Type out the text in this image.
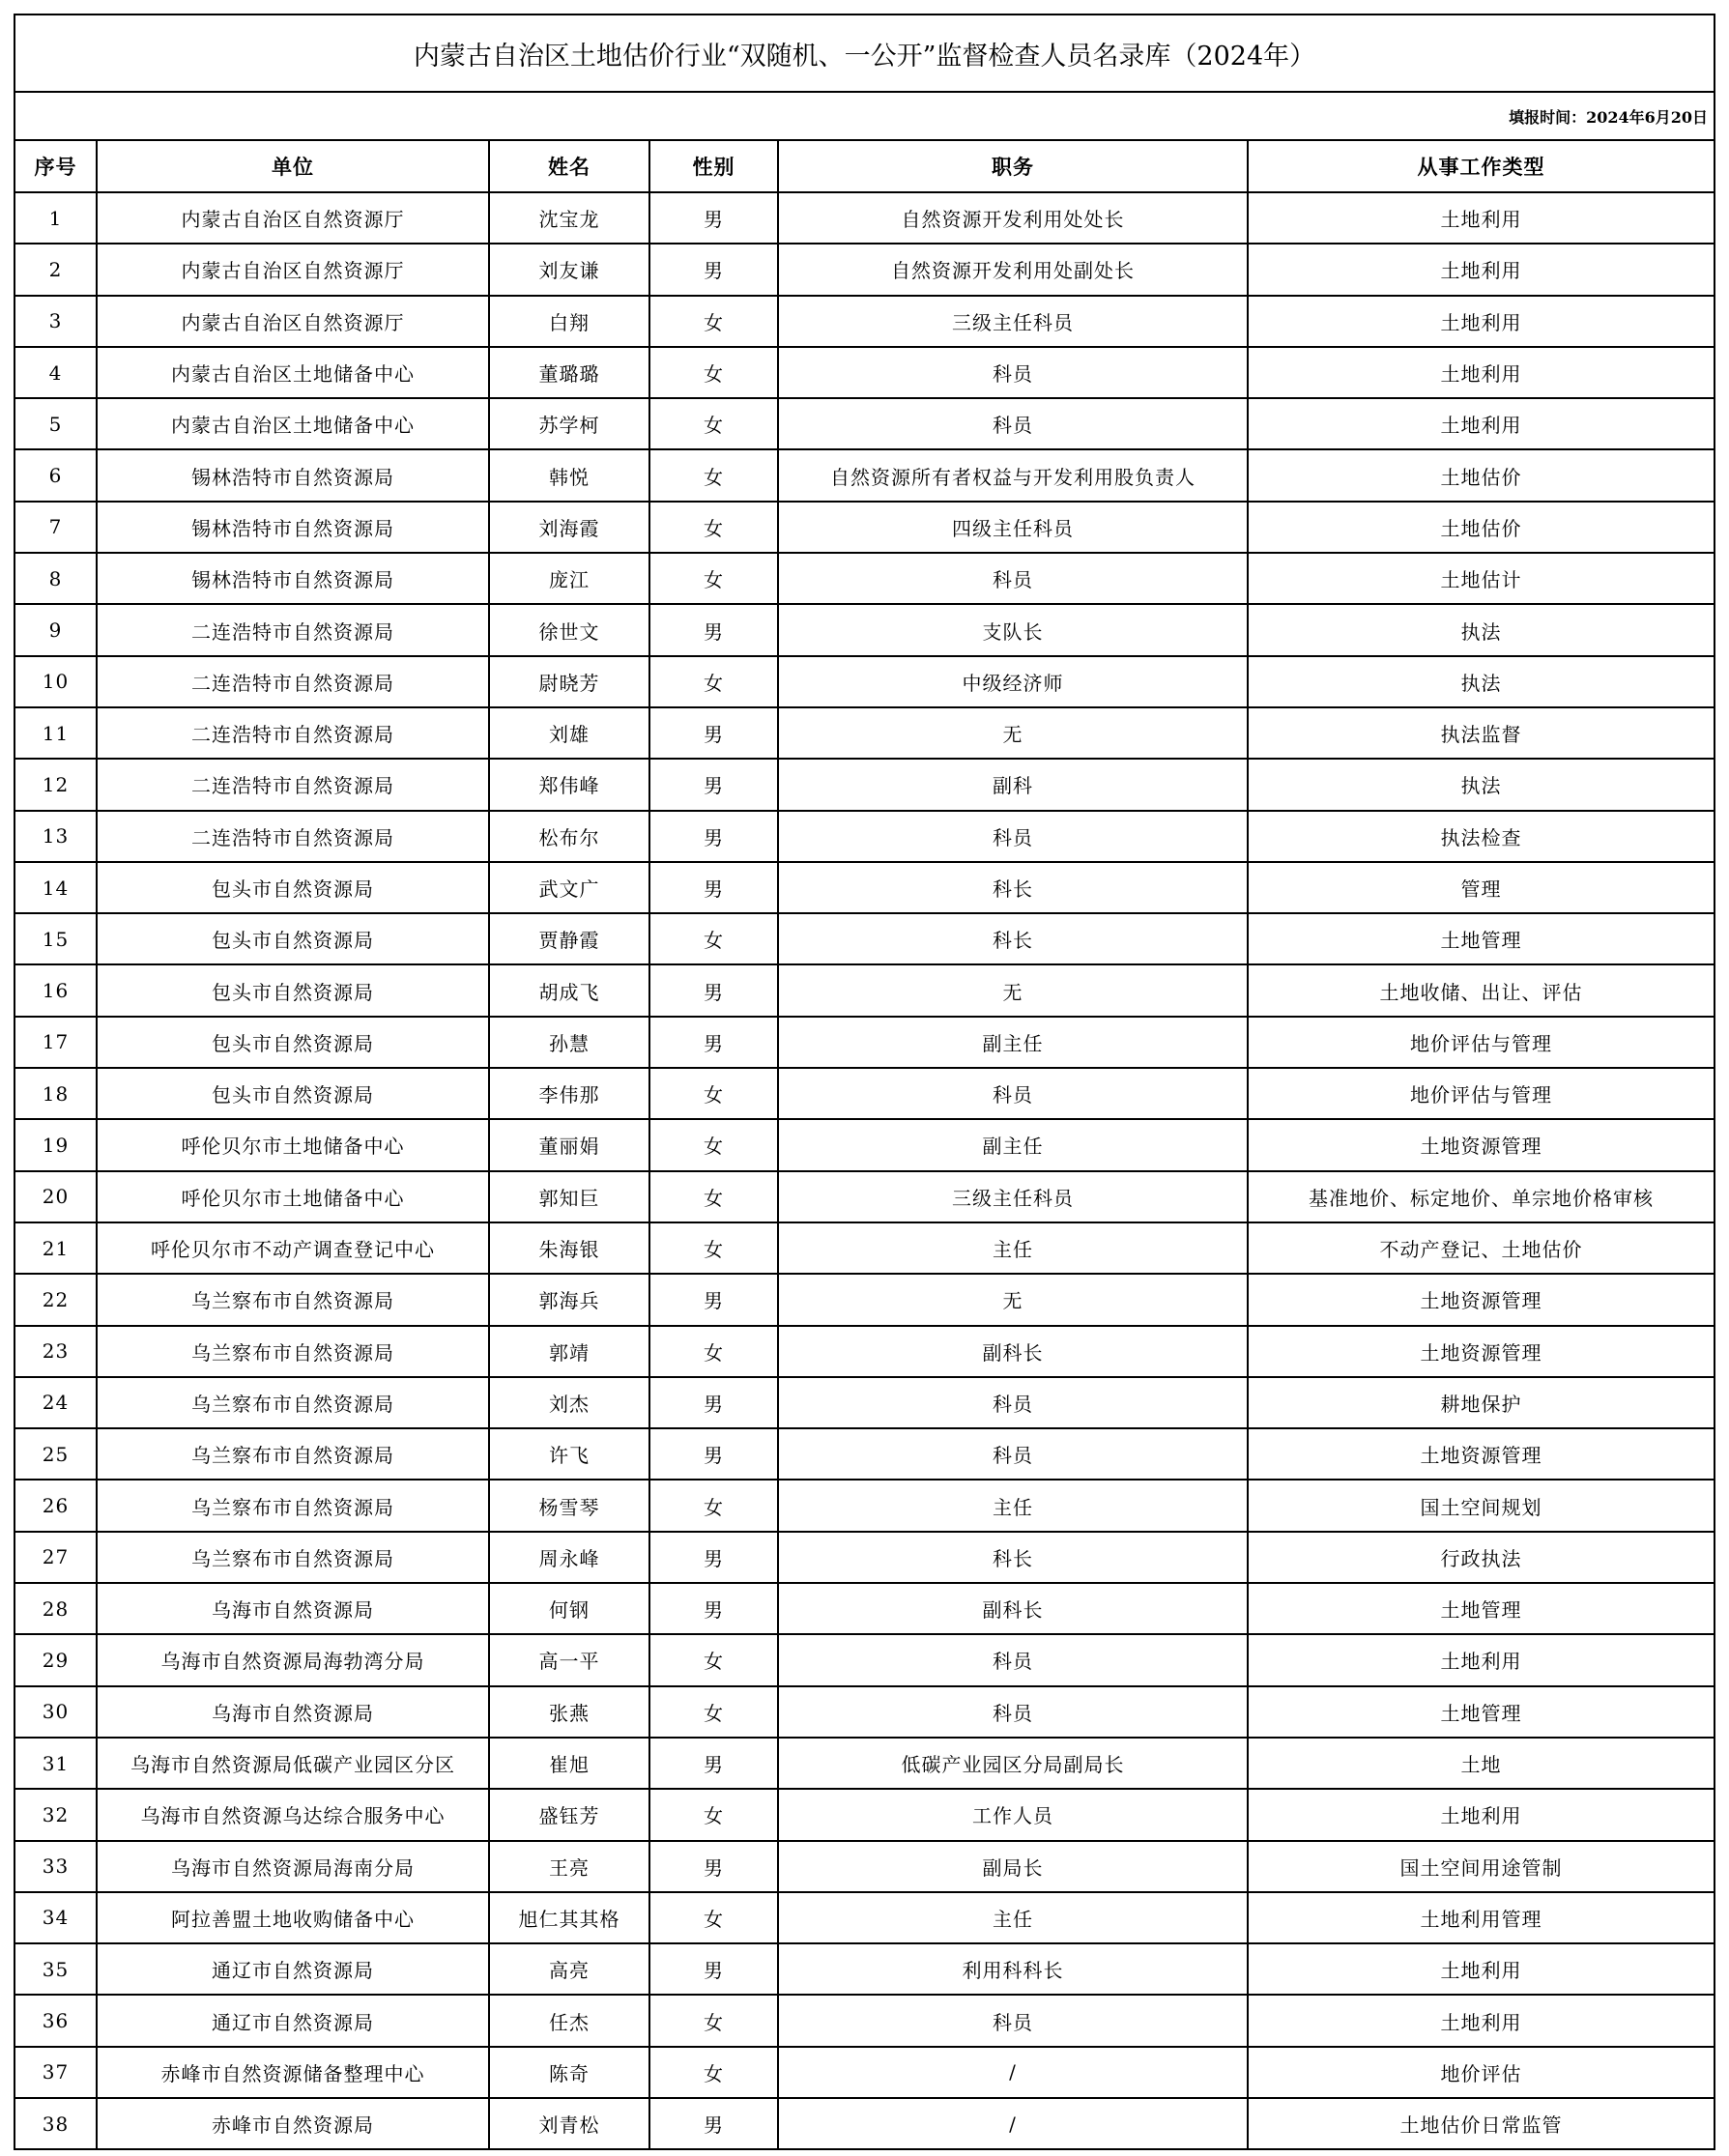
内蒙古自治区土地估价行业“双随机、一公开”监督检查人员名录库（2024年）
填报时间：2024年6月20日
序号	单位	姓名	性别	职务	从事工作类型
1	内蒙古自治区自然资源厅	沈宝龙	男	自然资源开发利用处处长	土地利用
2	内蒙古自治区自然资源厅	刘友谦	男	自然资源开发利用处副处长	土地利用
3	内蒙古自治区自然资源厅	白翔	女	三级主任科员	土地利用
4	内蒙古自治区土地储备中心	董璐璐	女	科员	土地利用
5	内蒙古自治区土地储备中心	苏学柯	女	科员	土地利用
6	锡林浩特市自然资源局	韩悦	女	自然资源所有者权益与开发利用股负责人	土地估价
7	锡林浩特市自然资源局	刘海霞	女	四级主任科员	土地估价
8	锡林浩特市自然资源局	庞江	女	科员	土地估计
9	二连浩特市自然资源局	徐世文	男	支队长	执法
10	二连浩特市自然资源局	尉晓芳	女	中级经济师	执法
11	二连浩特市自然资源局	刘雄	男	无	执法监督
12	二连浩特市自然资源局	郑伟峰	男	副科	执法
13	二连浩特市自然资源局	松布尔	男	科员	执法检查
14	包头市自然资源局	武文广	男	科长	管理
15	包头市自然资源局	贾静霞	女	科长	土地管理
16	包头市自然资源局	胡成飞	男	无	土地收储、出让、评估
17	包头市自然资源局	孙慧	男	副主任	地价评估与管理
18	包头市自然资源局	李伟那	女	科员	地价评估与管理
19	呼伦贝尔市土地储备中心	董丽娟	女	副主任	土地资源管理
20	呼伦贝尔市土地储备中心	郭知巨	女	三级主任科员	基准地价、标定地价、单宗地价格审核
21	呼伦贝尔市不动产调查登记中心	朱海银	女	主任	不动产登记、土地估价
22	乌兰察布市自然资源局	郭海兵	男	无	土地资源管理
23	乌兰察布市自然资源局	郭靖	女	副科长	土地资源管理
24	乌兰察布市自然资源局	刘杰	男	科员	耕地保护
25	乌兰察布市自然资源局	许飞	男	科员	土地资源管理
26	乌兰察布市自然资源局	杨雪琴	女	主任	国土空间规划
27	乌兰察布市自然资源局	周永峰	男	科长	行政执法
28	乌海市自然资源局	何钢	男	副科长	土地管理
29	乌海市自然资源局海勃湾分局	高一平	女	科员	土地利用
30	乌海市自然资源局	张燕	女	科员	土地管理
31	乌海市自然资源局低碳产业园区分区	崔旭	男	低碳产业园区分局副局长	土地
32	乌海市自然资源乌达综合服务中心	盛钰芳	女	工作人员	土地利用
33	乌海市自然资源局海南分局	王亮	男	副局长	国土空间用途管制
34	阿拉善盟土地收购储备中心	旭仁其其格	女	主任	土地利用管理
35	通辽市自然资源局	高亮	男	利用科科长	土地利用
36	通辽市自然资源局	任杰	女	科员	土地利用
37	赤峰市自然资源储备整理中心	陈奇	女	/	地价评估
38	赤峰市自然资源局	刘青松	男	/	土地估价日常监管
